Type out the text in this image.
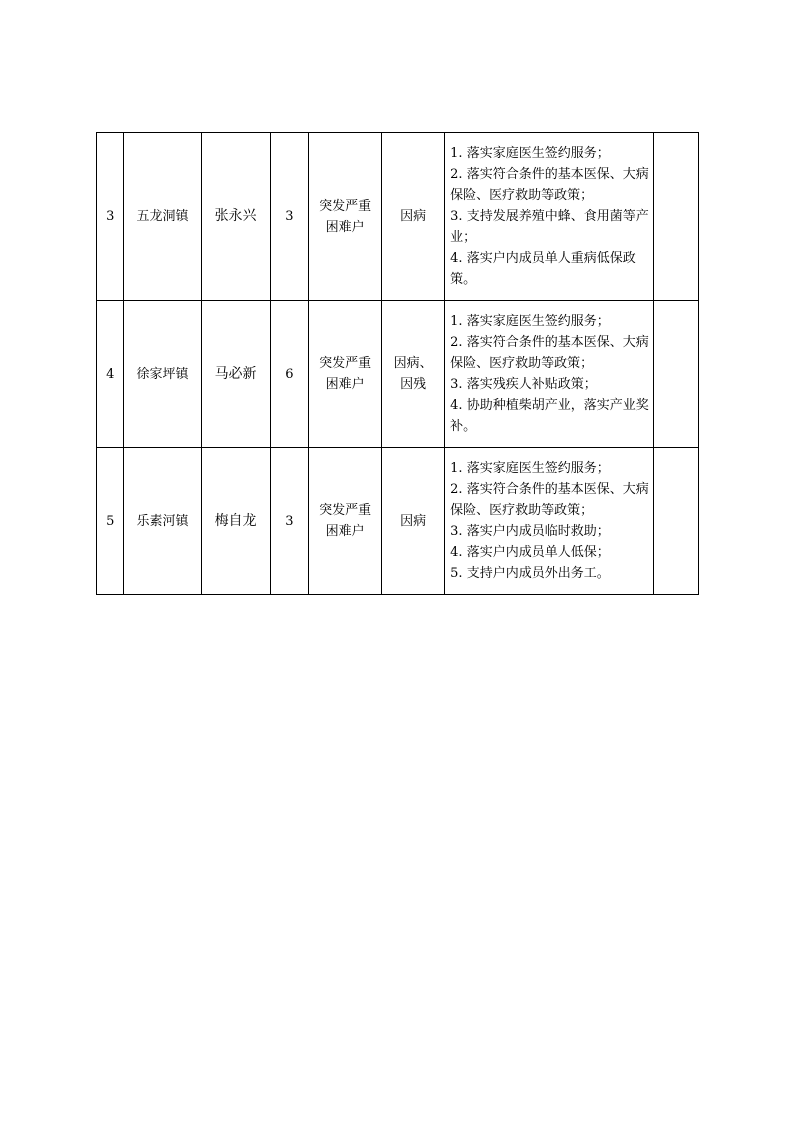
3	五龙洞镇	张永兴	3	突发严重困难户	因病	1. 落实家庭医生签约服务；
2. 落实符合条件的基本医保、大病保险、医疗救助等政策；
3. 支持发展养殖中蜂、食用菌等产业；
4. 落实户内成员单人重病低保政策。	

4	徐家坪镇	马必新	6	突发严重困难户	因病、因残	1. 落实家庭医生签约服务；
2. 落实符合条件的基本医保、大病保险、医疗救助等政策；
3. 落实残疾人补贴政策；
4. 协助种植柴胡产业，落实产业奖补。	

5	乐素河镇	梅自龙	3	突发严重困难户	因病	1. 落实家庭医生签约服务；
2. 落实符合条件的基本医保、大病保险、医疗救助等政策；
3. 落实户内成员临时救助；
4. 落实户内成员单人低保；
5. 支持户内成员外出务工。	
